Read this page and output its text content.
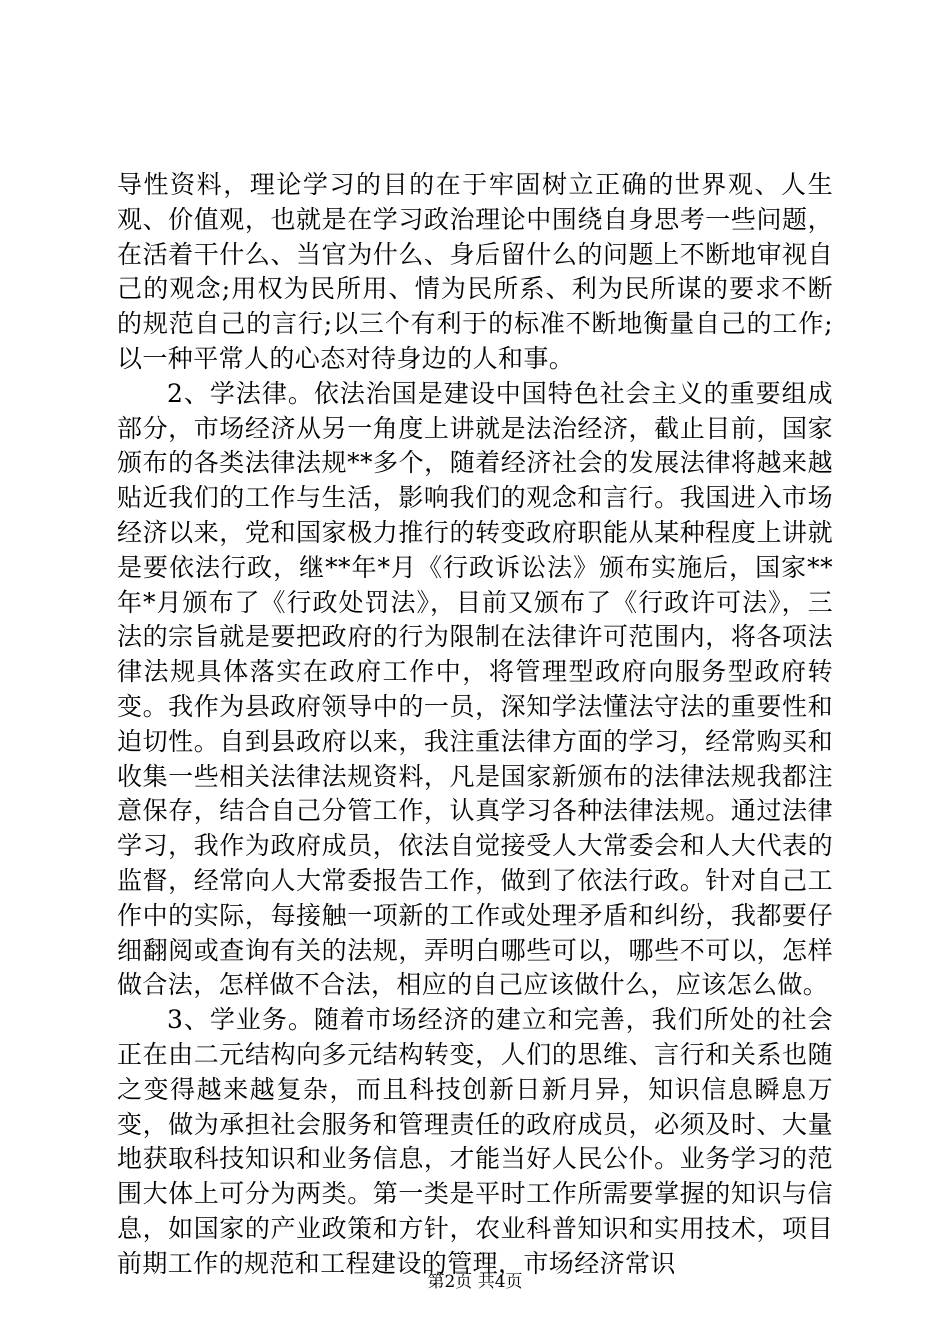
导性资料，理论学习的目的在于牢固树立正确的世界观、人生观、价值观，也就是在学习政治理论中围绕自身思考一些问题，在活着干什么、当官为什么、身后留什么的问题上不断地审视自己的观念;用权为民所用、情为民所系、利为民所谋的要求不断的规范自己的言行;以三个有利于的标准不断地衡量自己的工作;以一种平常人的心态对待身边的人和事。

2、学法律。依法治国是建设中国特色社会主义的重要组成部分，市场经济从另一角度上讲就是法治经济，截止目前，国家颁布的各类法律法规**多个，随着经济社会的发展法律将越来越贴近我们的工作与生活，影响我们的观念和言行。我国进入市场经济以来，党和国家极力推行的转变政府职能从某种程度上讲就是要依法行政，继**年*月《行政诉讼法》颁布实施后，国家**年*月颁布了《行政处罚法》，目前又颁布了《行政许可法》，三法的宗旨就是要把政府的行为限制在法律许可范围内，将各项法律法规具体落实在政府工作中，将管理型政府向服务型政府转变。我作为县政府领导中的一员，深知学法懂法守法的重要性和迫切性。自到县政府以来，我注重法律方面的学习，经常购买和收集一些相关法律法规资料，凡是国家新颁布的法律法规我都注意保存，结合自己分管工作，认真学习各种法律法规。通过法律学习，我作为政府成员，依法自觉接受人大常委会和人大代表的监督，经常向人大常委报告工作，做到了依法行政。针对自己工作中的实际，每接触一项新的工作或处理矛盾和纠纷，我都要仔细翻阅或查询有关的法规，弄明白哪些可以，哪些不可以，怎样做合法，怎样做不合法，相应的自己应该做什么，应该怎么做。

3、学业务。随着市场经济的建立和完善，我们所处的社会正在由二元结构向多元结构转变，人们的思维、言行和关系也随之变得越来越复杂，而且科技创新日新月异，知识信息瞬息万变，做为承担社会服务和管理责任的政府成员，必须及时、大量地获取科技知识和业务信息，才能当好人民公仆。业务学习的范围大体上可分为两类。第一类是平时工作所需要掌握的知识与信息，如国家的产业政策和方针，农业科普知识和实用技术，项目前期工作的规范和工程建设的管理，市场经济常识

第2页 共4页
